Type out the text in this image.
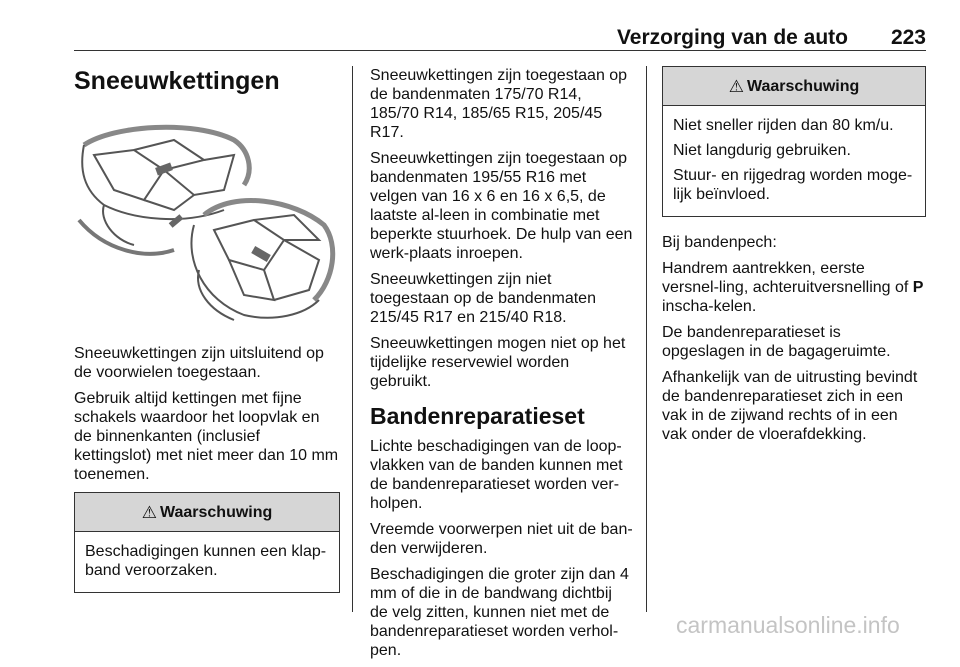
Verzorging van de auto 223
Sneeuwkettingen

Sneeuwkettingen zijn uitsluitend op de voorwielen toegestaan.

Gebruik altijd kettingen met fijne schakels waardoor het loopvlak en de binnenkanten (inclusief kettingslot) met niet meer dan 10 mm toenemen.

⚠ Waarschuwing

Beschadigingen kunnen een klap-band veroorzaken.

Sneeuwkettingen zijn toegestaan op de bandenmaten 175/70 R14, 185/70 R14, 185/65 R15, 205/45 R17.

Sneeuwkettingen zijn toegestaan op bandenmaten 195/55 R16 met velgen van 16 x 6 en 16 x 6,5, de laatste al-leen in combinatie met beperkte stuurhoek. De hulp van een werk-plaats inroepen.

Sneeuwkettingen zijn niet toegestaan op de bandenmaten 215/45 R17 en 215/40 R18.

Sneeuwkettingen mogen niet op het tijdelijke reservewiel worden gebruikt.

Bandenreparatieset

Lichte beschadigingen van de loop-vlakken van de banden kunnen met de bandenreparatieset worden ver-holpen.

Vreemde voorwerpen niet uit de ban-den verwijderen.

Beschadigingen die groter zijn dan 4 mm of die in de bandwang dichtbij de velg zitten, kunnen niet met de bandenreparatieset worden verhol-pen.

⚠ Waarschuwing

Niet sneller rijden dan 80 km/u.

Niet langdurig gebruiken.

Stuur- en rijgedrag worden moge-lijk beïnvloed.

Bij bandenpech:

Handrem aantrekken, eerste versnel-ling, achteruitversnelling of P inscha-kelen.

De bandenreparatieset is opgeslagen in de bagageruimte.

Afhankelijk van de uitrusting bevindt de bandenreparatieset zich in een vak in de zijwand rechts of in een vak onder de vloerafdekking.

carmanualsonline.info
